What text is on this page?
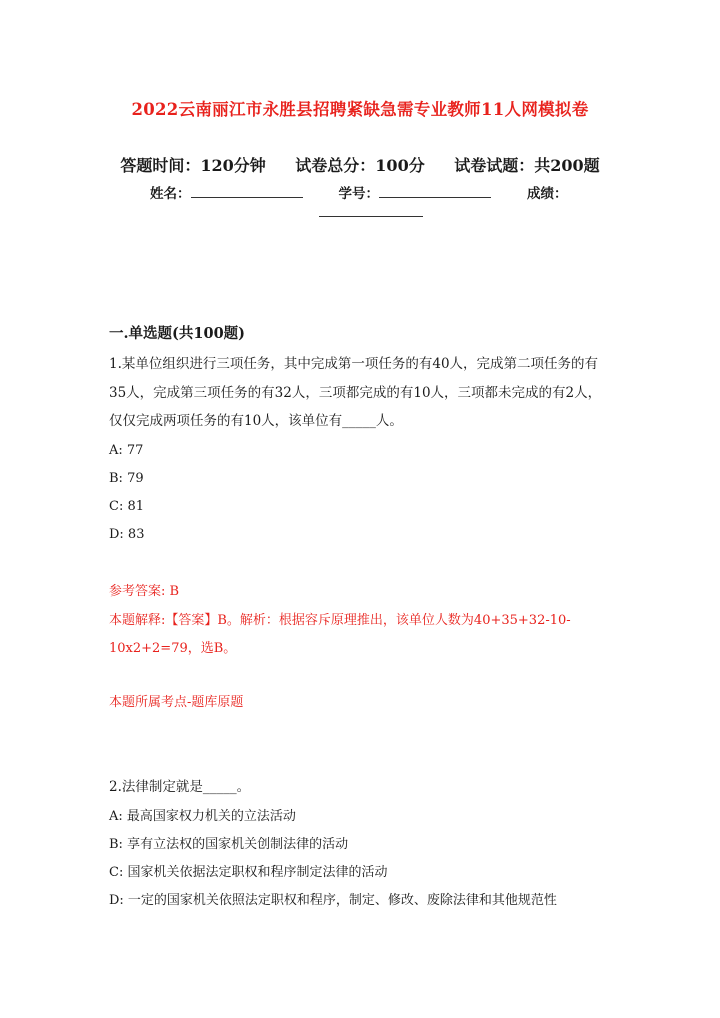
2022云南丽江市永胜县招聘紧缺急需专业教师11人网模拟卷
答题时间：120分钟 试卷总分：100分 试卷试题：共200题
姓名：	学号：	成绩：
一.单选题(共100题)
1.某单位组织进行三项任务，其中完成第一项任务的有40人，完成第二项任务的有35人，完成第三项任务的有32人，三项都完成的有10人，三项都未完成的有2人，仅仅完成两项任务的有10人，该单位有_____人。
A: 77
B: 79
C: 81
D: 83
参考答案: B
本题解释:【答案】B。解析：根据容斥原理推出，该单位人数为40+35+32-10-10x2+2=79，选B。
本题所属考点-题库原题
2.法律制定就是_____。
A: 最高国家权力机关的立法活动
B: 享有立法权的国家机关创制法律的活动
C: 国家机关依据法定职权和程序制定法律的活动
D: 一定的国家机关依照法定职权和程序，制定、修改、废除法律和其他规范性
